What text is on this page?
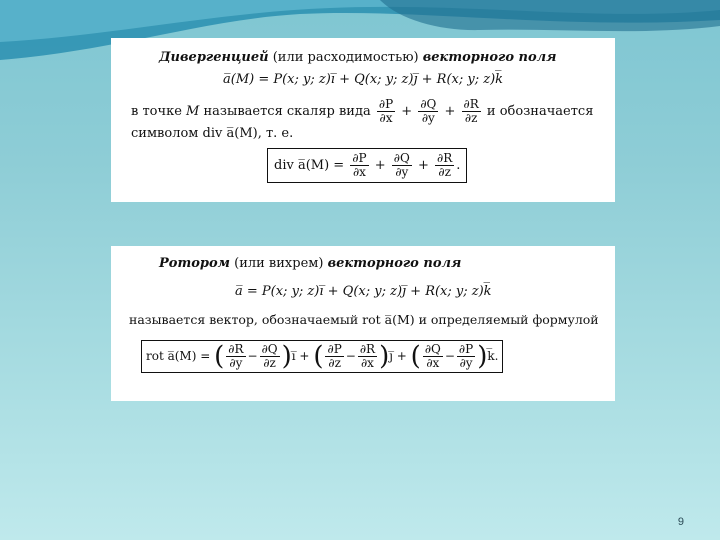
Дивергенцией (или расходимостью) векторного поля
a̅(M) = P(x; y; z)i̅ + Q(x; y; z)j̅ + R(x; y; z)k̅
в точке M называется скаляр вида $\frac{\partial P}{\partial x} + \frac{\partial Q}{\partial y} + \frac{\partial R}{\partial z}$ и обозначается
символом div a̅(M), т. е.
div a̅(M) = $\frac{\partial P}{\partial x} + \frac{\partial Q}{\partial y} + \frac{\partial R}{\partial z}$ .
Ротором (или вихрем) векторного поля
a̅ = P(x; y; z)i̅ + Q(x; y; z)j̅ + R(x; y; z)k̅
называется вектор, обозначаемый rot a̅(M) и определяемый формулой
rot a̅(M) = ( $\frac{\partial R}{\partial y} - \frac{\partial Q}{\partial z}$ )i̅ + ( $\frac{\partial P}{\partial z} - \frac{\partial R}{\partial x}$ )j̅ + ( $\frac{\partial Q}{\partial x} - \frac{\partial P}{\partial y}$ )k̅.
9
